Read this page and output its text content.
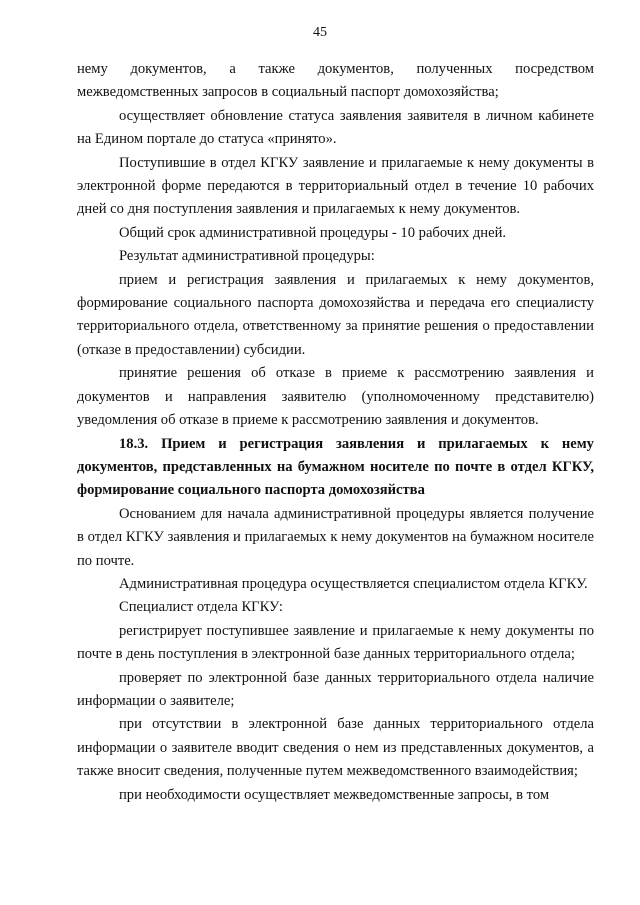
45

нему документов, а также документов, полученных посредством межведомственных запросов в социальный паспорт домохозяйства;

осуществляет обновление статуса заявления заявителя в личном кабинете на Едином портале до статуса «принято».

Поступившие в отдел КГКУ заявление и прилагаемые к нему документы в электронной форме передаются в территориальный отдел в течение 10 рабочих дней со дня поступления заявления и прилагаемых к нему документов.

Общий срок административной процедуры - 10 рабочих дней.

Результат административной процедуры:

прием и регистрация заявления и прилагаемых к нему документов, формирование социального паспорта домохозяйства и передача его специалисту территориального отдела, ответственному за принятие решения о предоставлении (отказе в предоставлении) субсидии.

принятие решения об отказе в приеме к рассмотрению заявления и документов и направления заявителю (уполномоченному представителю) уведомления об отказе в приеме к рассмотрению заявления и документов.

18.3. Прием и регистрация заявления и прилагаемых к нему документов, представленных на бумажном носителе по почте в отдел КГКУ, формирование социального паспорта домохозяйства

Основанием для начала административной процедуры является получение в отдел КГКУ заявления и прилагаемых к нему документов на бумажном носителе по почте.

Административная процедура осуществляется специалистом отдела КГКУ.

Специалист отдела КГКУ:

регистрирует поступившее заявление и прилагаемые к нему документы по почте в день поступления в электронной базе данных территориального отдела;

проверяет по электронной базе данных территориального отдела наличие информации о заявителе;

при отсутствии в электронной базе данных территориального отдела информации о заявителе вводит сведения о нем из представленных документов, а также вносит сведения, полученные путем межведомственного взаимодействия;

при необходимости осуществляет межведомственные запросы, в том
